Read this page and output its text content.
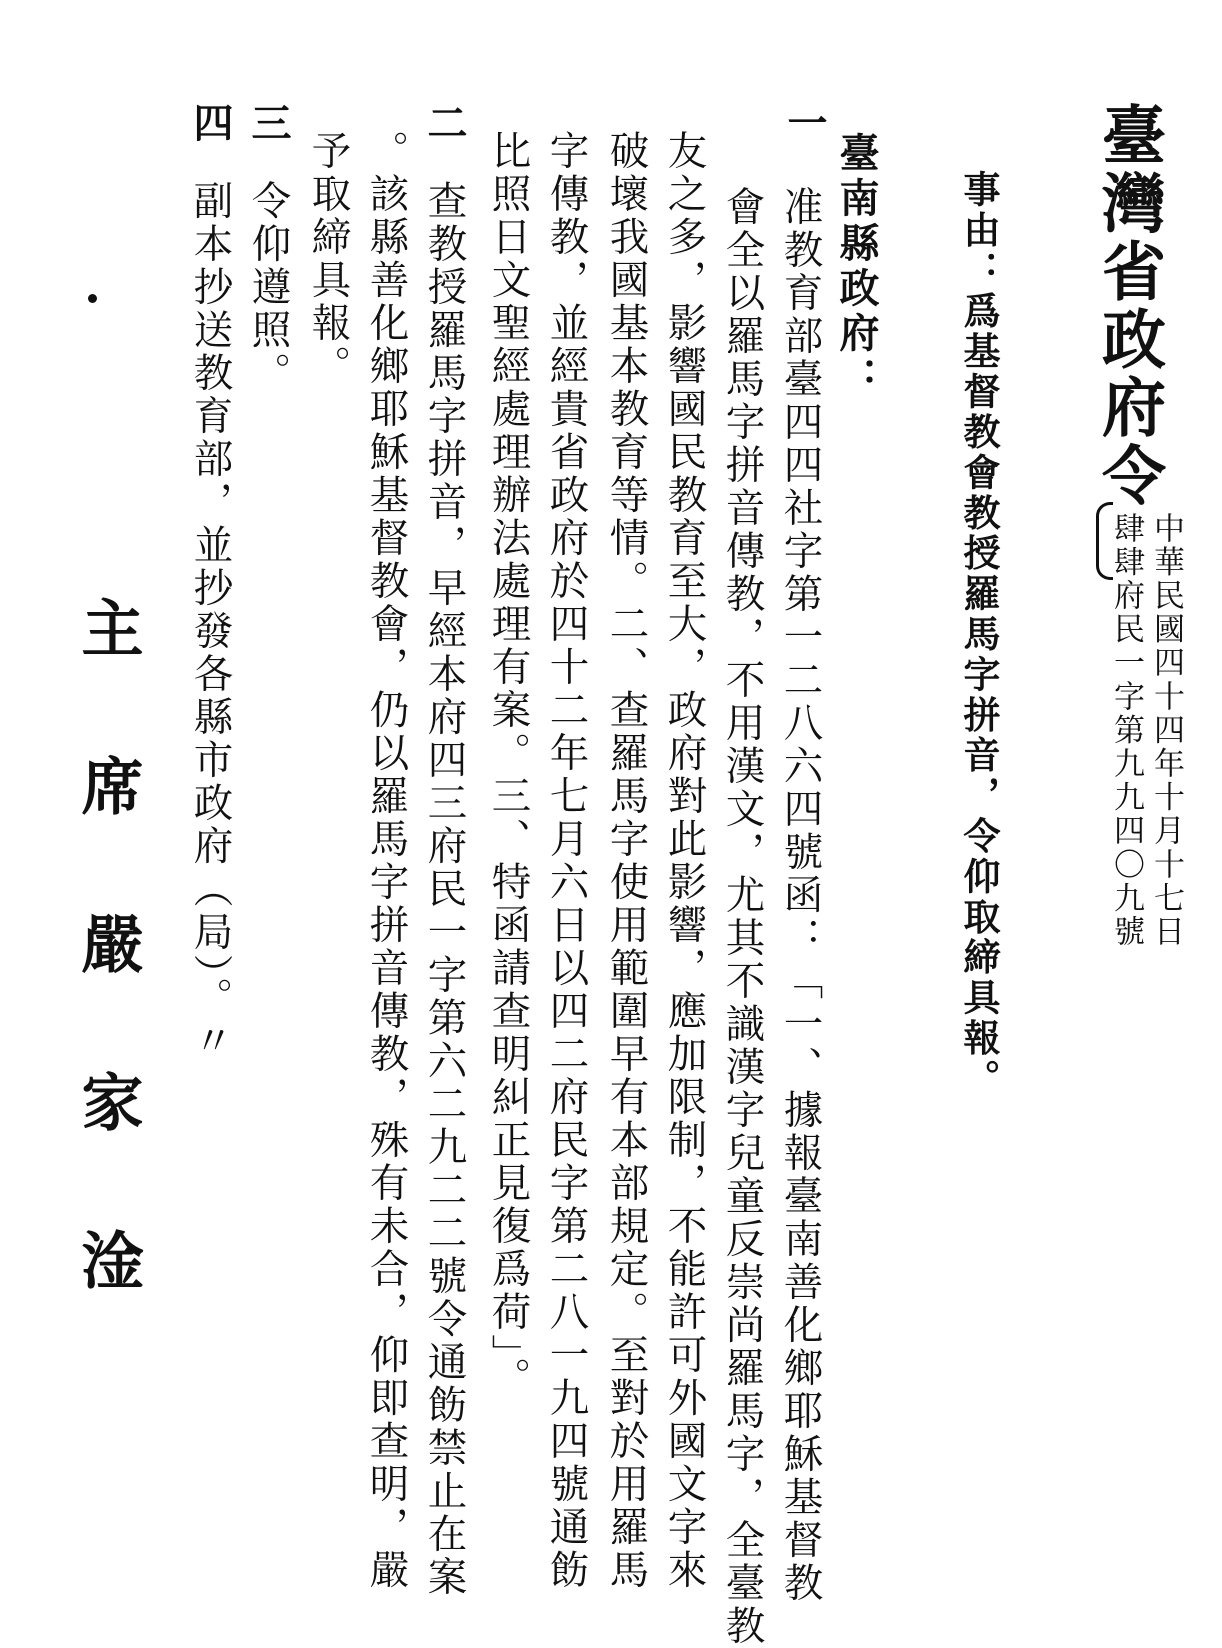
臺灣省政府令
中華民國四十四年十月十七日
肆肆府民一字第九九四〇九號
事由：爲基督教會教授羅馬字拼音，令仰取締具報。
臺南縣政府：
一
准教育部臺四四社字第一二八六四號函：「一、據報臺南善化鄉耶穌基督教
會全以羅馬字拼音傳教，不用漢文，尤其不識漢字兒童反崇尚羅馬字，全臺教
友之多，影響國民教育至大，政府對此影響，應加限制，不能許可外國文字來
破壞我國基本教育等情。二、查羅馬字使用範圍早有本部規定。至對於用羅馬
字傳教，並經貴省政府於四十二年七月六日以四二府民字第二八一九四號通飭
比照日文聖經處理辦法處理有案。三、特函請查明糾正見復爲荷」。
二
查教授羅馬字拼音，早經本府四三府民一字第六二九二二號令通飭禁止在案
。該縣善化鄉耶穌基督教會，仍以羅馬字拼音傳教，殊有未合，仰即查明，嚴
予取締具報。
三
令仰遵照。
四
副本抄送教育部，並抄發各縣市政府（局）。〃
主席嚴家淦
